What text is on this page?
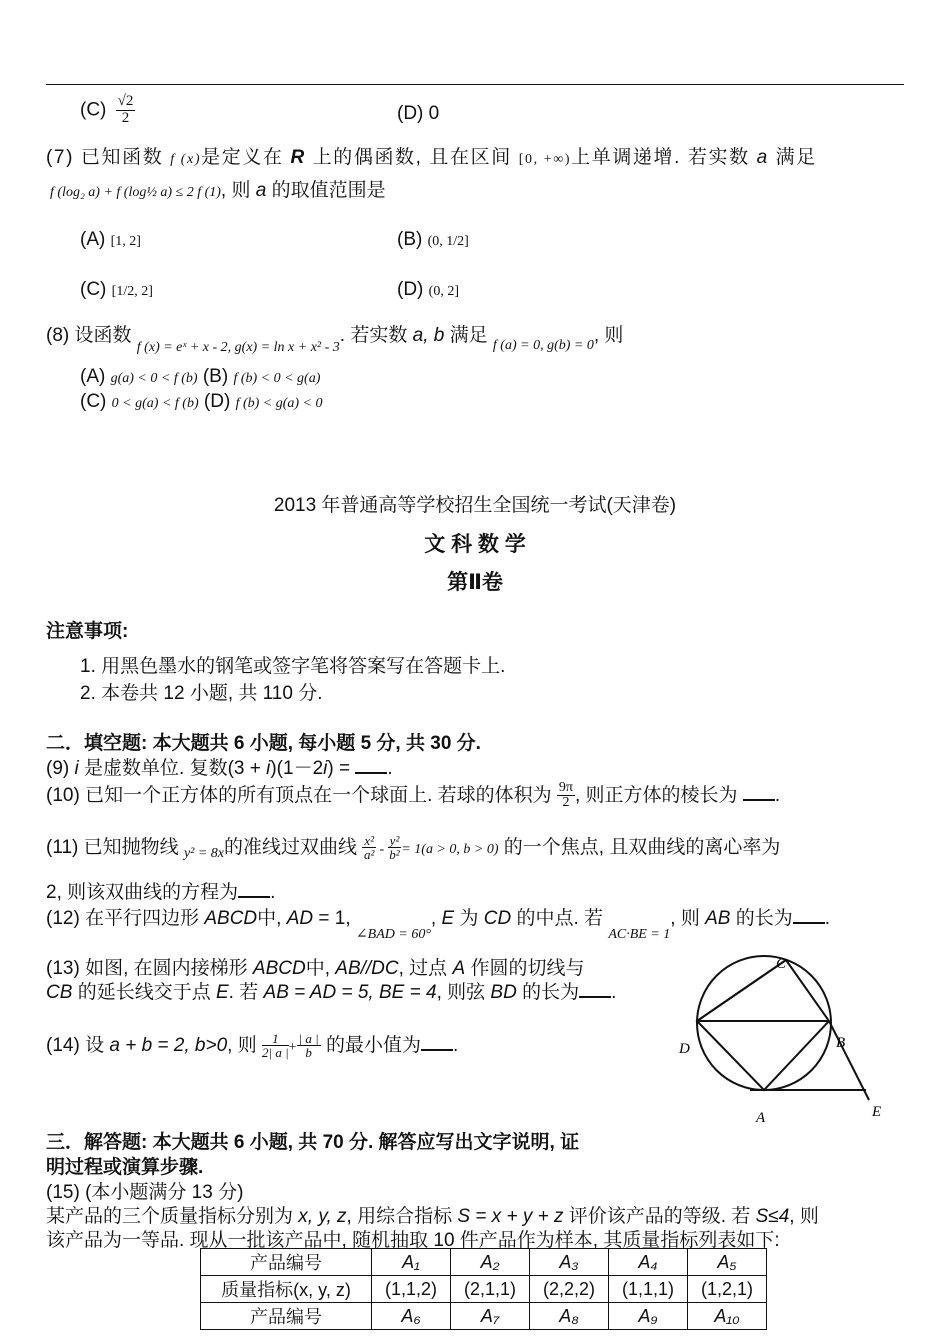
$(C) \frac{√2}{2}$	(D) 0
(7) 已知函数 f (x)是定义在 R 上的偶函数, 且在区间 [0, +∞)上单调递增. 若实数 a 满足
f (log₂ a) + f (log½ a) ≤ 2 f (1), 则 a 的取值范围是
(A) [1, 2]	(B) (0, 1/2]
(C) [1/2, 2]	(D) (0, 2]
(8) 设函数 $_{f (x) = eˣ + x - 2, g(x) = ln x + x^2 - 3}$. 若实数 a, b 满足 $_{f (a) = 0, g(b) = 0}$, 则
(A) g(a) < 0 < f (b) (B) f (b) < 0 < g(a)
(C) 0 < g(a) < f (b) (D) f (b) < g(a) < 0
2013 年普通高等学校招生全国统一考试(天津卷)
文 科 数 学
第Ⅱ卷
注意事项:
1. 用黑色墨水的钢笔或签字笔将答案写在答题卡上.
2. 本卷共 12 小题, 共 110 分.
二．填空题: 本大题共 6 小题, 每小题 5 分, 共 30 分.
(9) i 是虚数单位. 复数(3 + i)(1－2i) = .
(10) 已知一个正方体的所有顶点在一个球面上. 若球的体积为 $\frac{9\pi}{2}$ , 则正方体的棱长为 .
(11) 已知抛物线 $_{y^2 = 8x}$的准线过双曲线 $\frac{\text{x²}}{\text{a²}} - \frac{\text{y²}}{\text{b²}} = 1(a > 0$, b > 0) 的一个焦点, 且双曲线的离心率为
2, 则该双曲线的方程为 .
(12) 在平行四边形 ABCD中, AD = 1, $_{\angle BAD = 60^\circ}$, E 为 CD 的中点. 若 $_{AC\cdot BE = 1}$, 则 AB 的长为 .
(13) 如图, 在圆内接梯形 ABCD中, AB//DC, 过点 A 作圆的切线与
CB 的延长线交于点 E. 若 AB = AD = 5, BE = 4, 则弦 BD 的长为 .
(14) 设 a + b = 2, b>0, 则 $\frac{1}{2| a |} + \frac{| a |}{b}$ 的最小值为 .
C
B
D
A	E
三．解答题: 本大题共 6 小题, 共 70 分. 解答应写出文字说明, 证
明过程或演算步骤.
(15) (本小题满分 13 分)
某产品的三个质量指标分别为 x, y, z, 用综合指标 S = x + y + z 评价该产品的等级. 若 S≤4, 则
该产品为一等品. 现从一批该产品中, 随机抽取 10 件产品作为样本, 其质量指标列表如下:
产品编号	A₁	A₂	A₃	A₄	A₅
质量指标(x, y, z)	(1,1,2)	(2,1,1)	(2,2,2)	(1,1,1)	(1,2,1)
产品编号	A₆	A₇	A₈	A₉	A₁₀
